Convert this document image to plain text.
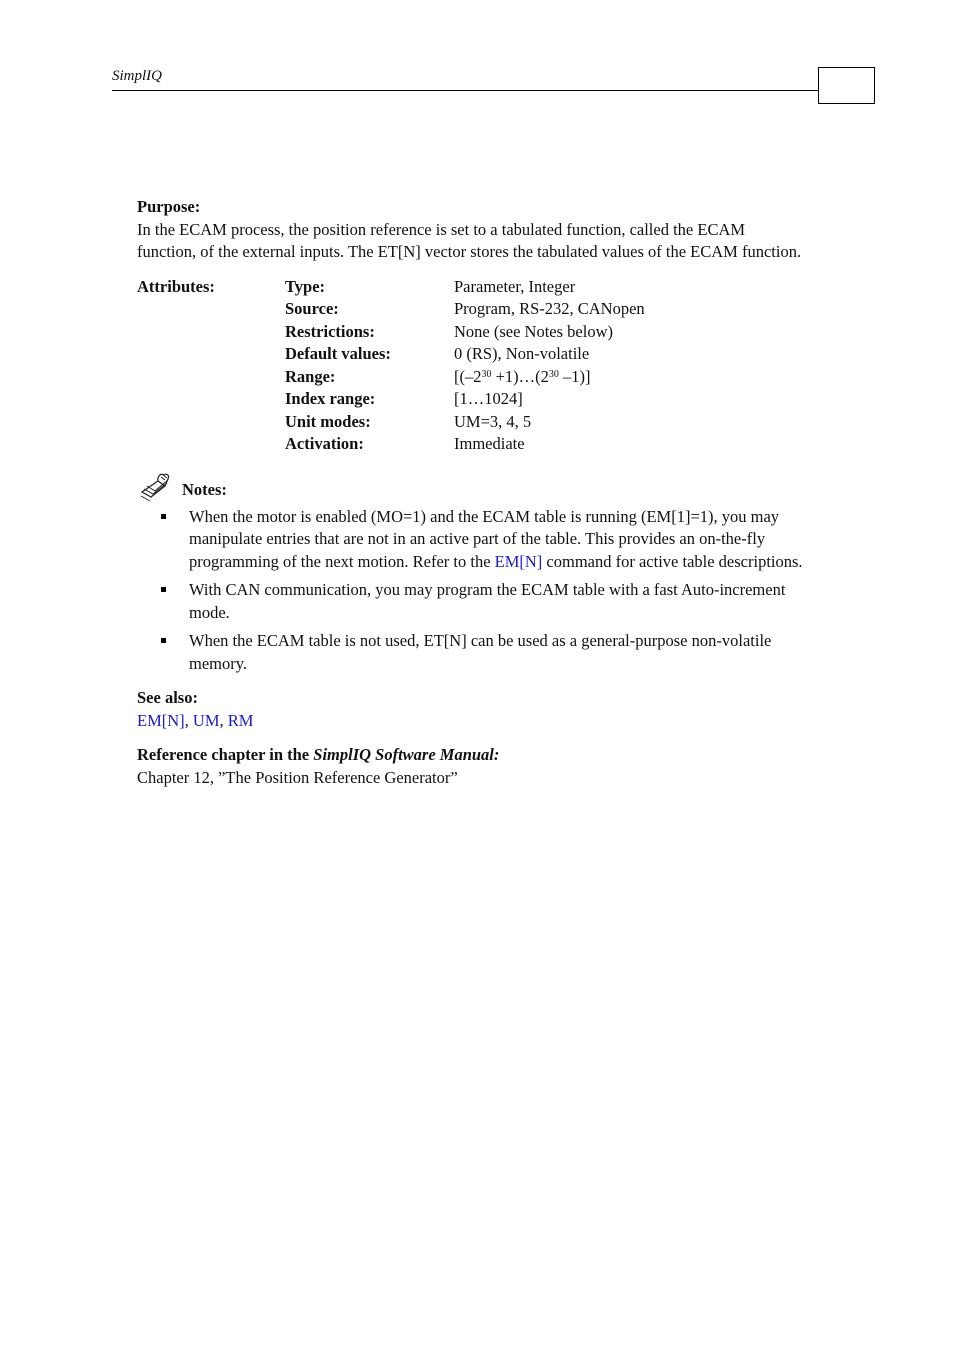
SimplIQ
Purpose:

In the ECAM process, the position reference is set to a tabulated function, called the ECAM function, of the external inputs. The ET[N] vector stores the tabulated values of the ECAM function.

Attributes:	Type:	Parameter, Integer
Source:	Program, RS-232, CANopen
Restrictions:	None (see Notes below)
Default values:	0 (RS), Non-volatile
Range:	[($-2^{30}$ $+1)\dots(2^{30}$ –1)]
Index range:	[1…1024]
Unit modes:	UM=3, 4, 5
Activation:	Immediate
Notes:
When the motor is enabled (MO=1) and the ECAM table is running (EM[1]=1), you may manipulate entries that are not in an active part of the table. This provides an on-the-fly programming of the next motion. Refer to the EM[N] command for active table descriptions.
With CAN communication, you may program the ECAM table with a fast Auto-increment mode.
When the ECAM table is not used, ET[N] can be used as a general-purpose non-volatile memory.
See also:
EM[N], UM, RM
Reference chapter in the SimplIQ Software Manual:
Chapter 12, ”The Position Reference Generator”
